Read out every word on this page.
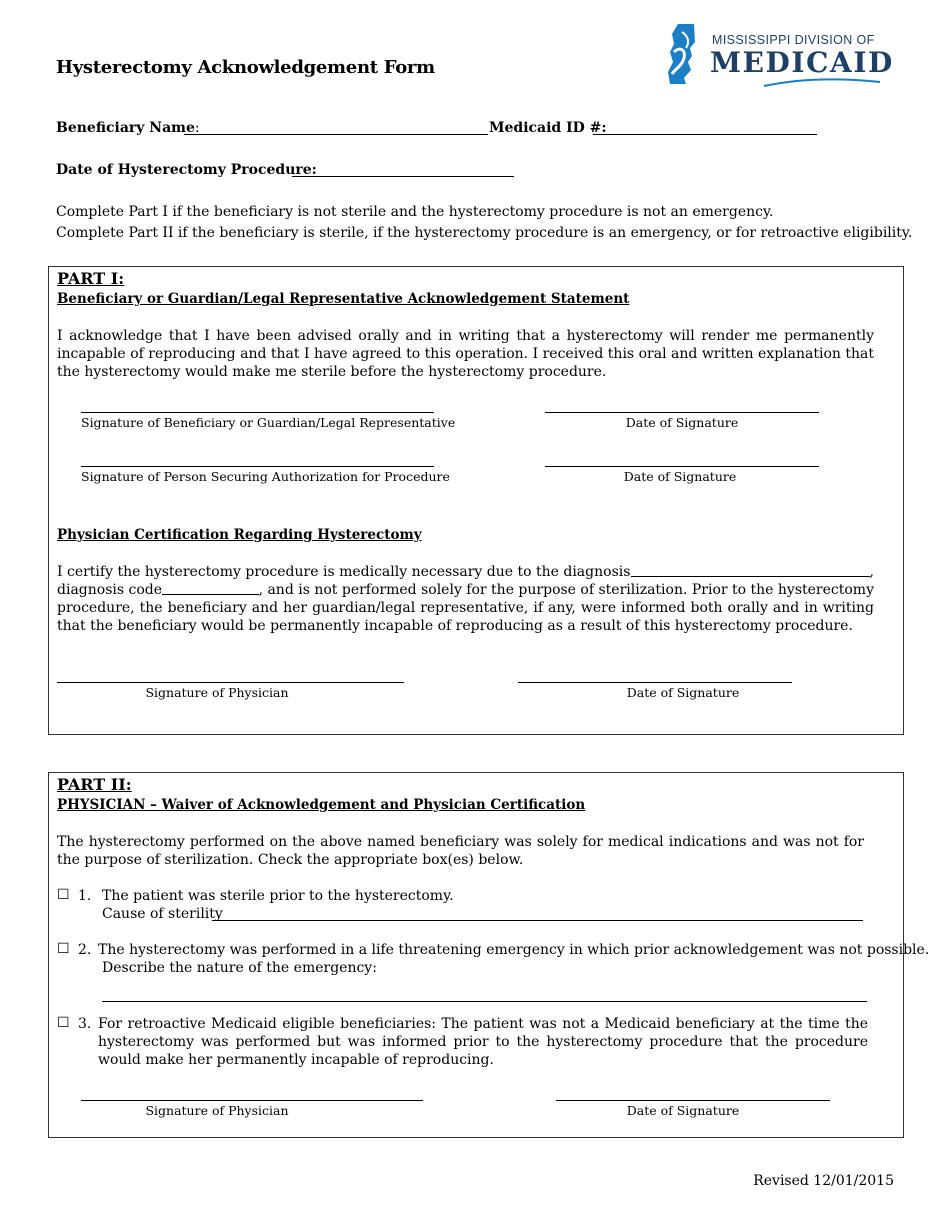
Hysterectomy Acknowledgement Form
MISSISSIPPI DIVISION OF
MEDICAID
Beneficiary Name:	Medicaid ID #:
Date of Hysterectomy Procedure:
Complete Part I if the beneficiary is not sterile and the hysterectomy procedure is not an emergency.
Complete Part II if the beneficiary is sterile, if the hysterectomy procedure is an emergency, or for retroactive eligibility.
PART I:
Beneficiary or Guardian/Legal Representative Acknowledgement Statement
I acknowledge that I have been advised orally and in writing that a hysterectomy will render me permanently incapable of reproducing and that I have agreed to this operation. I received this oral and written explanation that the hysterectomy would make me sterile before the hysterectomy procedure.
Signature of Beneficiary or Guardian/Legal Representative	Date of Signature
Signature of Person Securing Authorization for Procedure	Date of Signature
Physician Certification Regarding Hysterectomy
I certify the hysterectomy procedure is medically necessary due to the diagnosis	,
diagnosis code	, and is not performed solely for the purpose of sterilization. Prior to the hysterectomy
procedure, the beneficiary and her guardian/legal representative, if any, were informed both orally and in writing that the beneficiary would be permanently incapable of reproducing as a result of this hysterectomy procedure.
Signature of Physician	Date of Signature
PART II:
PHYSICIAN – Waiver of Acknowledgement and Physician Certification
The hysterectomy performed on the above named beneficiary was solely for medical indications and was not for the purpose of sterilization. Check the appropriate box(es) below.
☐ 1. The patient was sterile prior to the hysterectomy.
Cause of sterility
☐ 2. The hysterectomy was performed in a life threatening emergency in which prior acknowledgement was not possible.
Describe the nature of the emergency:
☐ 3. For retroactive Medicaid eligible beneficiaries: The patient was not a Medicaid beneficiary at the time the hysterectomy was performed but was informed prior to the hysterectomy procedure that the procedure would make her permanently incapable of reproducing.
Signature of Physician	Date of Signature
Revised 12/01/2015
